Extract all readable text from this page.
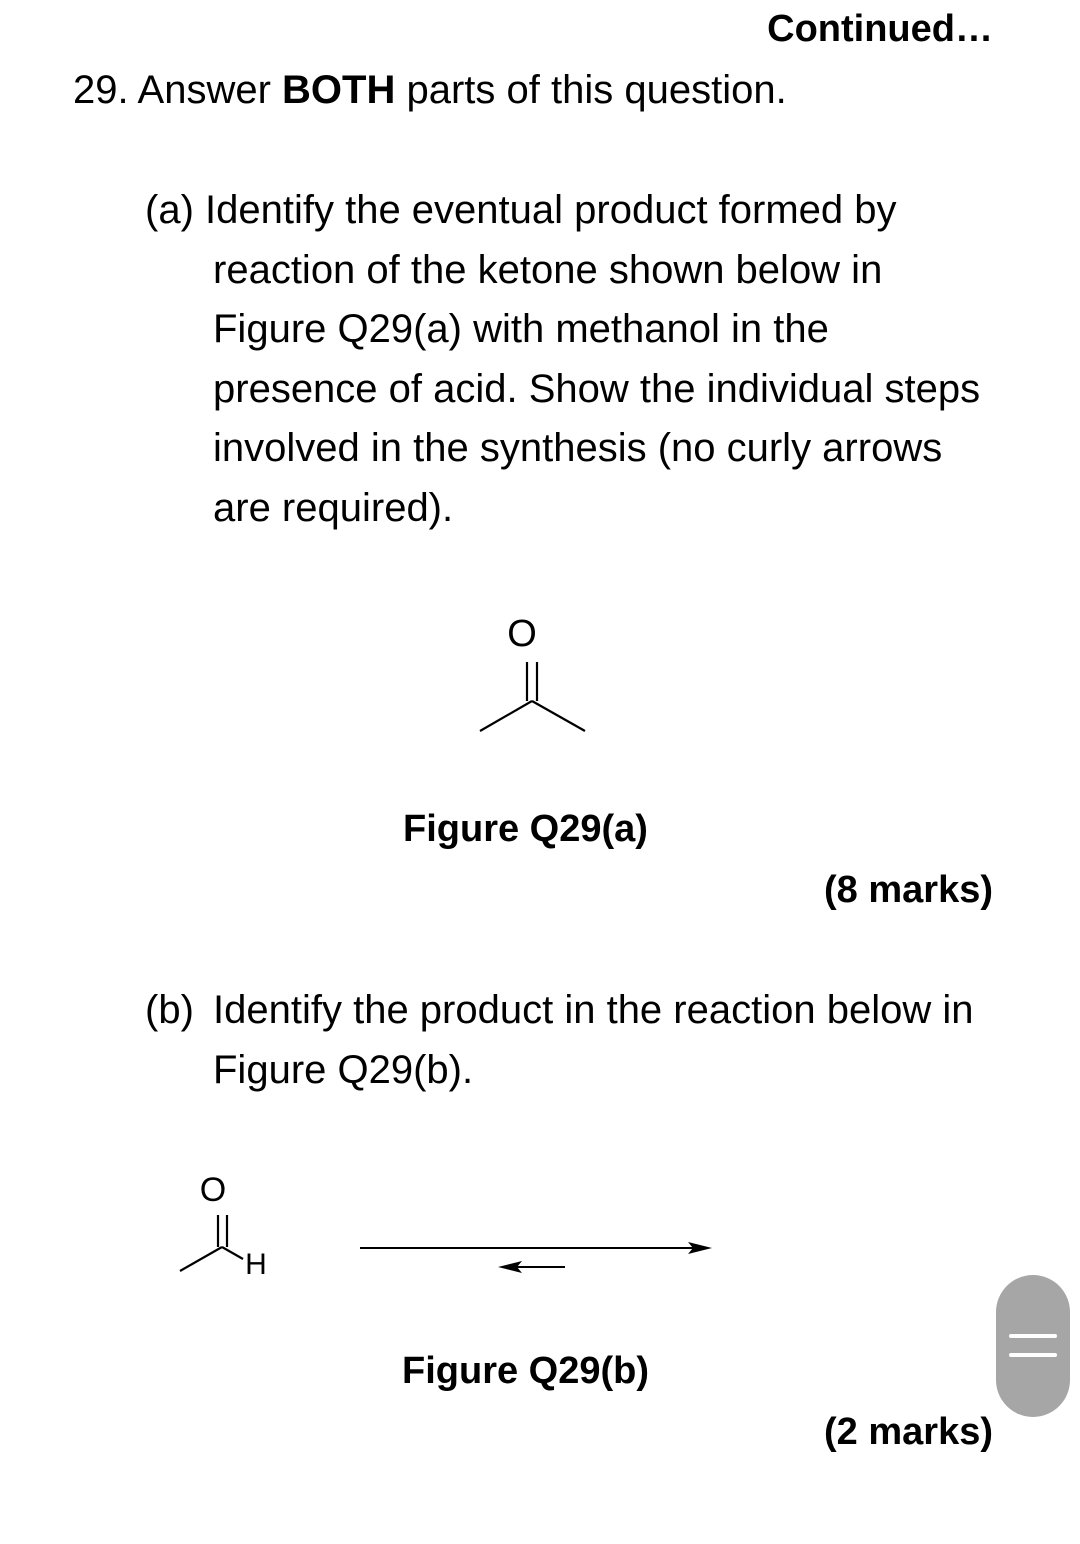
Continued…
29. Answer BOTH parts of this question.
(a) Identify the eventual product formed by
reaction of the ketone shown below in
Figure Q29(a) with methanol in the
presence of acid. Show the individual steps
involved in the synthesis (no curly arrows
are required).
O
Figure Q29(a)
(8 marks)
(b) Identify the product in the reaction below in
Figure Q29(b).
O
H
Figure Q29(b)
(2 marks)
